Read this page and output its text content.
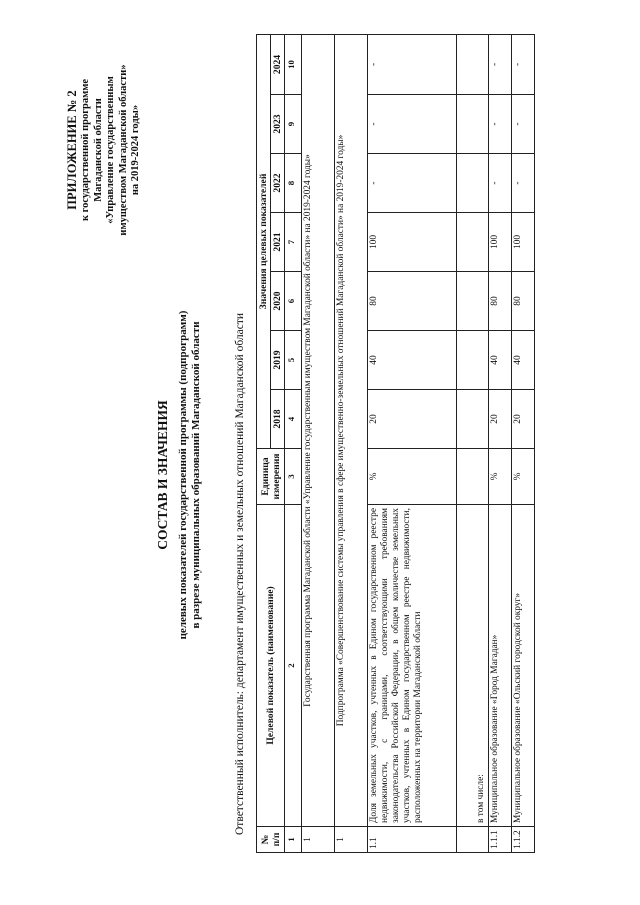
ПРИЛОЖЕНИЕ № 2 к государственной программе Магаданской области «Управление государственным имуществом Магаданской области» на 2019-2024 годы»
СОСТАВ И ЗНАЧЕНИЯ целевых показателей государственной программы (подпрограмм) в разрезе муниципальных образований Магаданской области	Ответственный исполнитель: департамент имущественных и земельных отношений Магаданской области
№ п/п	Целевой показатель (наименование)	Единица измерения	Значения целевых показателей						
			2018	2019	2020	2021	2022	2023	2024
1	2	3	4	5	6	7	8	9	10
1	Государственная программа Магаданской области «Управление государственным имуществом Магаданской области» на 2019-2024 годы»								
1	Подпрограмма «Совершенствование системы управления в сфере имущественно-земельных отношений Магаданской области» на 2019-2024 годы»								
1.1	Доля земельных участков, учтенных в Едином государственном реестре недвижимости, с границами, соответствующими требованиям законодательства Российской Федерации, в общем количестве земельных участков, учтенных в Едином государственном реестре недвижимости, расположенных на территории Магаданской области	%	20	40	80	100	-	-	-
	в том числе:								
1.1.1	Муниципальное образование «Город Магадан»	%	20	40	80	100	-	-	-
1.1.2	Муниципальное образование «Ольский городской округ»	%	20	40	80	100	-	-	-
